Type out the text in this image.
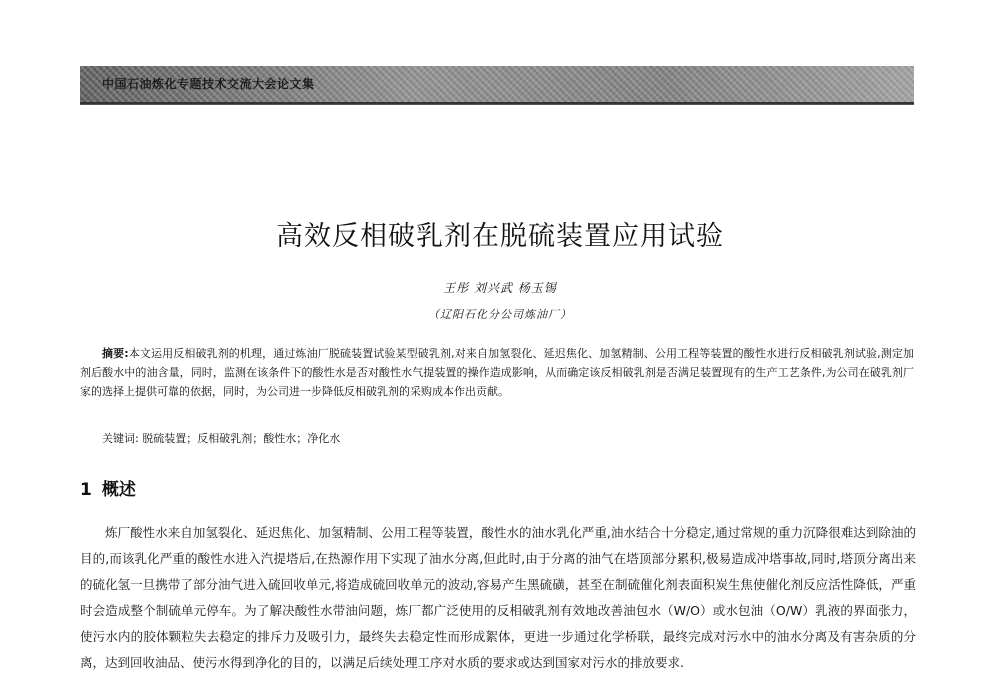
中国石油炼化专题技术交流大会论文集
高效反相破乳剂在脱硫装置应用试验
王彤 刘兴武 杨玉锡
（辽阳石化分公司炼油厂）

摘要:本文运用反相破乳剂的机理，通过炼油厂脱硫装置试验某型破乳剂,对来自加氢裂化、延迟焦化、加氢精制、公用工程等装置的酸性水进行反相破乳剂试验,测定加剂后酸水中的油含量，同时，监测在该条件下的酸性水是否对酸性水气提装置的操作造成影响，从而确定该反相破乳剂是否满足装置现有的生产工艺条件,为公司在破乳剂厂家的选择上提供可靠的依据，同时，为公司进一步降低反相破乳剂的采购成本作出贡献。

关键词: 脱硫装置；反相破乳剂；酸性水；净化水
1 概述

炼厂酸性水来自加氢裂化、延迟焦化、加氢精制、公用工程等装置，酸性水的油水乳化严重,油水结合十分稳定,通过常规的重力沉降很难达到除油的目的,而该乳化严重的酸性水进入汽提塔后,在热源作用下实现了油水分离,但此时,由于分离的油气在塔顶部分累积,极易造成冲塔事故,同时,塔顶分离出来的硫化氢一旦携带了部分油气进入硫回收单元,将造成硫回收单元的波动,容易产生黑硫磺，甚至在制硫催化剂表面积炭生焦使催化剂反应活性降低，严重时会造成整个制硫单元停车。为了解决酸性水带油问题，炼厂都广泛使用的反相破乳剂有效地改善油包水（W/O）或水包油（O/W）乳液的界面张力，使污水内的胶体颗粒失去稳定的排斥力及吸引力，最终失去稳定性而形成絮体，更进一步通过化学桥联，最终完成对污水中的油水分离及有害杂质的分离，达到回收油品、使污水得到净化的目的，以满足后续处理工序对水质的要求或达到国家对污水的排放要求.
